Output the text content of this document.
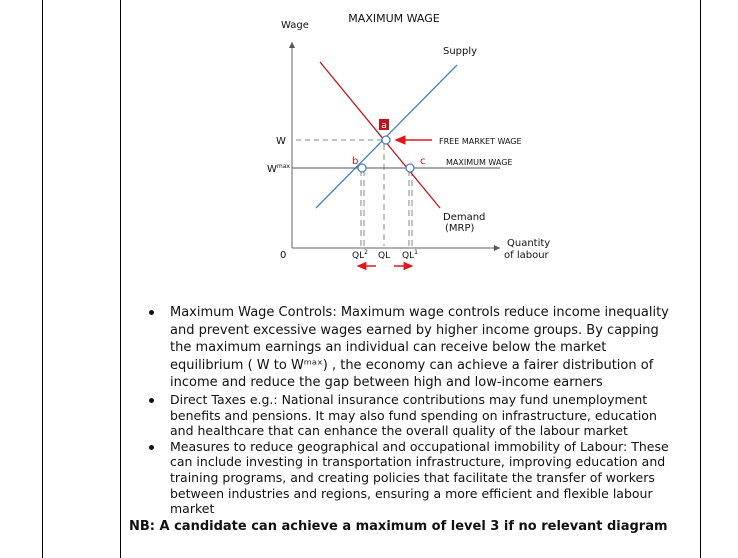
a
b	c
MAXIMUM WAGE
Wage
Supply
W
$W^{max}$
FREE MARKET WAGE
MAXIMUM WAGE
Demand
(MRP)
Quantity
of labour
0	$QL^2$ QL $QL^1$
Maximum Wage Controls: Maximum wage controls reduce income inequality and prevent excessive wages earned by higher income groups. By capping the maximum earnings an individual can receive below the market equilibrium ( W to Wᵐᵃˣ) , the economy can achieve a fairer distribution of income and reduce the gap between high and low-income earners
Direct Taxes e.g.: National insurance contributions may fund unemployment benefits and pensions. It may also fund spending on infrastructure, education and healthcare that can enhance the overall quality of the labour market
Measures to reduce geographical and occupational immobility of Labour: These can include investing in transportation infrastructure, improving education and training programs, and creating policies that facilitate the transfer of workers between industries and regions, ensuring a more efficient and flexible labour market
NB: A candidate can achieve a maximum of level 3 if no relevant diagram
